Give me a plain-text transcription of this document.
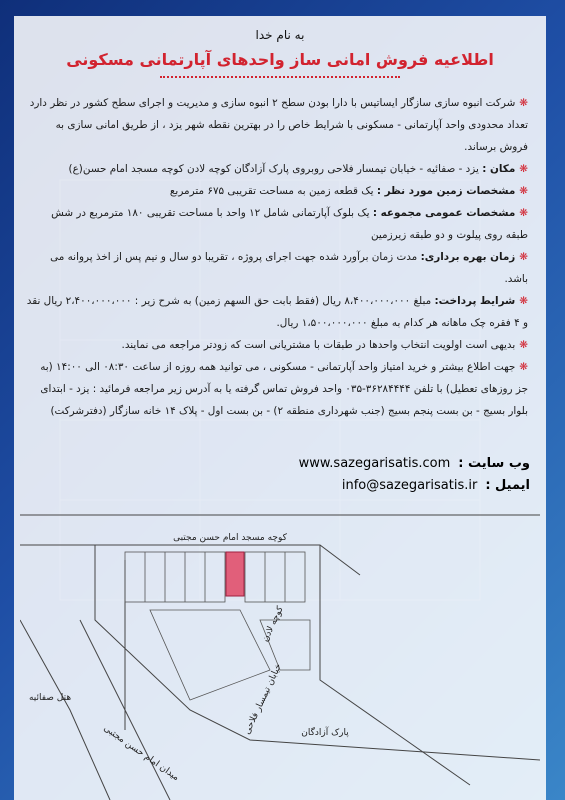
به نام خدا
اطلاعیه فروش امانی ساز واحدهای آپارتمانی مسکونی

❋شرکت انبوه سازی سازگار ایساتیس با دارا بودن سطح ۲ انبوه سازی و مدیریت و اجرای سطح کشور در نظر دارد تعداد محدودی واحد آپارتمانی - مسکونی با شرایط خاص را در بهترین نقطه شهر یزد ، از طریق امانی سازی به فروش برساند.

❋مکان : یزد - صفائیه - خیابان تیمسار فلاحی روبروی پارک آزادگان کوچه لادن کوچه مسجد امام حسن(ع)

❋مشخصات زمین مورد نظر : یک قطعه زمین به مساحت تقریبی ۶۷۵ مترمربع

❋مشخصات عمومی مجموعه : یک بلوک آپارتمانی شامل ۱۲ واحد با مساحت تقریبی ۱۸۰ مترمربع در شش طبقه روی پیلوت و دو طبقه زیرزمین

❋زمان بهره برداری: مدت زمان برآورد شده جهت اجرای پروژه ، تقریبا دو سال و نیم پس از اخذ پروانه می باشد.

❋شرایط پرداخت: مبلغ ۸،۴۰۰،۰۰۰،۰۰۰ ریال (فقط بابت حق السهم زمین) به شرح زیر : ۲،۴۰۰،۰۰۰،۰۰۰ ریال نقد و ۴ فقره چک ماهانه هر کدام به مبلغ ۱،۵۰۰،۰۰۰،۰۰۰ ریال.

❋بدیهی است اولویت انتخاب واحدها در طبقات با مشتریانی است که زودتر مراجعه می نمایند.

❋جهت اطلاع بیشتر و خرید امتیاز واحد آپارتمانی - مسکونی ، می توانید همه روزه از ساعت ۰۸:۳۰ الی ۱۴:۰۰ (به جز روزهای تعطیل) با تلفن ۳۶۲۸۴۴۴۴-۰۳۵ واحد فروش تماس گرفته یا به آدرس زیر مراجعه فرمائید : یزد - ابتدای بلوار بسیج - بن بست پنجم بسیج (جنب شهرداری منطقه ۲) - بن بست اول - پلاک ۱۴ خانه سازگار (دفترشرکت)

وب سایت :
www.sazegarisatis.com
ایمیل :
info@sazegarisatis.ir
کوچه مسجد امام حسن مجتبی
کوچه لادن
خیابان تیمسار فلاحی
هتل صفائیه
میدان امام حسن مجتبی	پارک آزادگان
